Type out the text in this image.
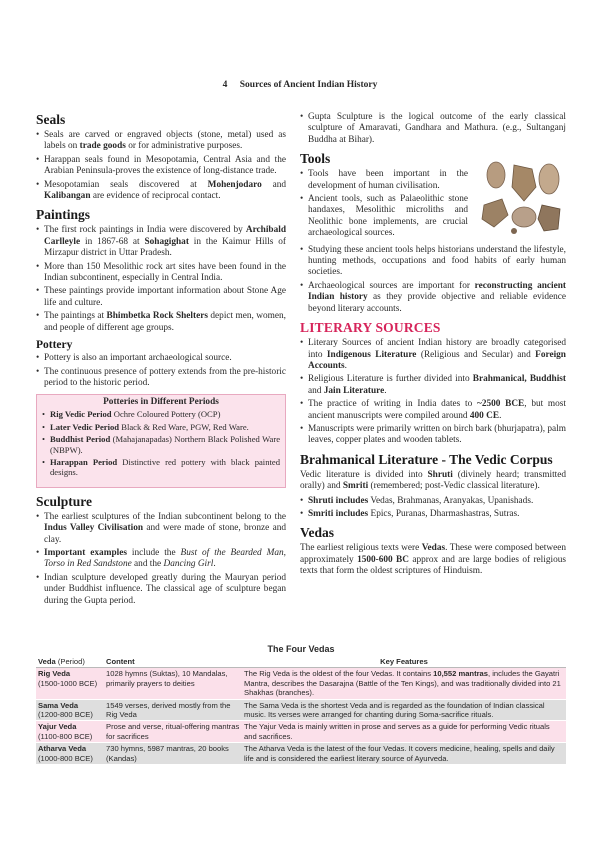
4 Sources of Ancient Indian History
Seals
• Seals are carved or engraved objects (stone, metal) used as labels on trade goods or for administrative purposes.
• Harappan seals found in Mesopotamia, Central Asia and the Arabian Peninsula-proves the existence of long-distance trade.
• Mesopotamian seals discovered at Mohenjodaro and Kalibangan are evidence of reciprocal contact.
Paintings
• The first rock paintings in India were discovered by Archibald Carlleyle in 1867-68 at Sohagighat in the Kaimur Hills of Mirzapur district in Uttar Pradesh.
• More than 150 Mesolithic rock art sites have been found in the Indian subcontinent, especially in Central India.
• These paintings provide important information about Stone Age life and culture.
• The paintings at Bhimbetka Rock Shelters depict men, women, and people of different age groups.
Pottery
• Pottery is also an important archaeological source.
• The continuous presence of pottery extends from the pre-historic period to the historic period.
Potteries in Different Periods
• Rig Vedic Period Ochre Coloured Pottery (OCP)
• Later Vedic Period Black & Red Ware, PGW, Red Ware.
• Buddhist Period (Mahajanapadas) Northern Black Polished Ware (NBPW).
• Harappan Period Distinctive red pottery with black painted designs.
Sculpture
• The earliest sculptures of the Indian subcontinent belong to the Indus Valley Civilisation and were made of stone, bronze and clay.
• Important examples include the Bust of the Bearded Man, Torso in Red Sandstone and the Dancing Girl.
• Indian sculpture developed greatly during the Mauryan period under Buddhist influence. The classical age of sculpture began during the Gupta period.
• Gupta Sculpture is the logical outcome of the early classical sculpture of Amaravati, Gandhara and Mathura. (e.g., Sultanganj Buddha at Bihar).
Tools
• Tools have been important in the development of human civilisation.
• Ancient tools, such as Palaeolithic stone handaxes, Mesolithic microliths and Neolithic bone implements, are crucial archaeological sources.
• Studying these ancient tools helps historians understand the lifestyle, hunting methods, occupations and food habits of early human societies.
• Archaeological sources are important for reconstructing ancient Indian history as they provide objective and reliable evidence beyond literary accounts.
LITERARY SOURCES
• Literary Sources of ancient Indian history are broadly categorised into Indigenous Literature (Religious and Secular) and Foreign Accounts.
• Religious Literature is further divided into Brahmanical, Buddhist and Jain Literature.
• The practice of writing in India dates to ~2500 BCE, but most ancient manuscripts were compiled around 400 CE.
• Manuscripts were primarily written on birch bark (bhurjapatra), palm leaves, copper plates and wooden tablets.
Brahmanical Literature - The Vedic Corpus

Vedic literature is divided into Shruti (divinely heard; transmitted orally) and Smriti (remembered; post-Vedic classical literature).

• Shruti includes Vedas, Brahmanas, Aranyakas, Upanishads.
• Smriti includes Epics, Puranas, Dharmashastras, Sutras.
Vedas

The earliest religious texts were Vedas. These were composed between approximately 1500-600 BC approx and are large bodies of religious texts that form the oldest scriptures of Hinduism.

The Four Vedas
Veda (Period)	Content	Key Features

Rig Veda
(1500-1000 BCE)	1028 hymns (Suktas), 10 Mandalas, primarily prayers to deities	The Rig Veda is the oldest of the four Vedas. It contains 10,552 mantras, includes the Gayatri Mantra, describes the Dasarajna (Battle of the Ten Kings), and was traditionally divided into 21 Shakhas (branches).

Sama Veda
(1200-800 BCE)	1549 verses, derived mostly from the Rig Veda	The Sama Veda is the shortest Veda and is regarded as the foundation of Indian classical music. Its verses were arranged for chanting during Soma-sacrifice rituals.

Yajur Veda
(1100-800 BCE)	Prose and verse, ritual-offering mantras for sacrifices	The Yajur Veda is mainly written in prose and serves as a guide for performing Vedic rituals and sacrifices.

Atharva Veda
(1000-800 BCE)	730 hymns, 5987 mantras, 20 books (Kandas)	The Atharva Veda is the latest of the four Vedas. It covers medicine, healing, spells and daily life and is considered the earliest literary source of Ayurveda.
